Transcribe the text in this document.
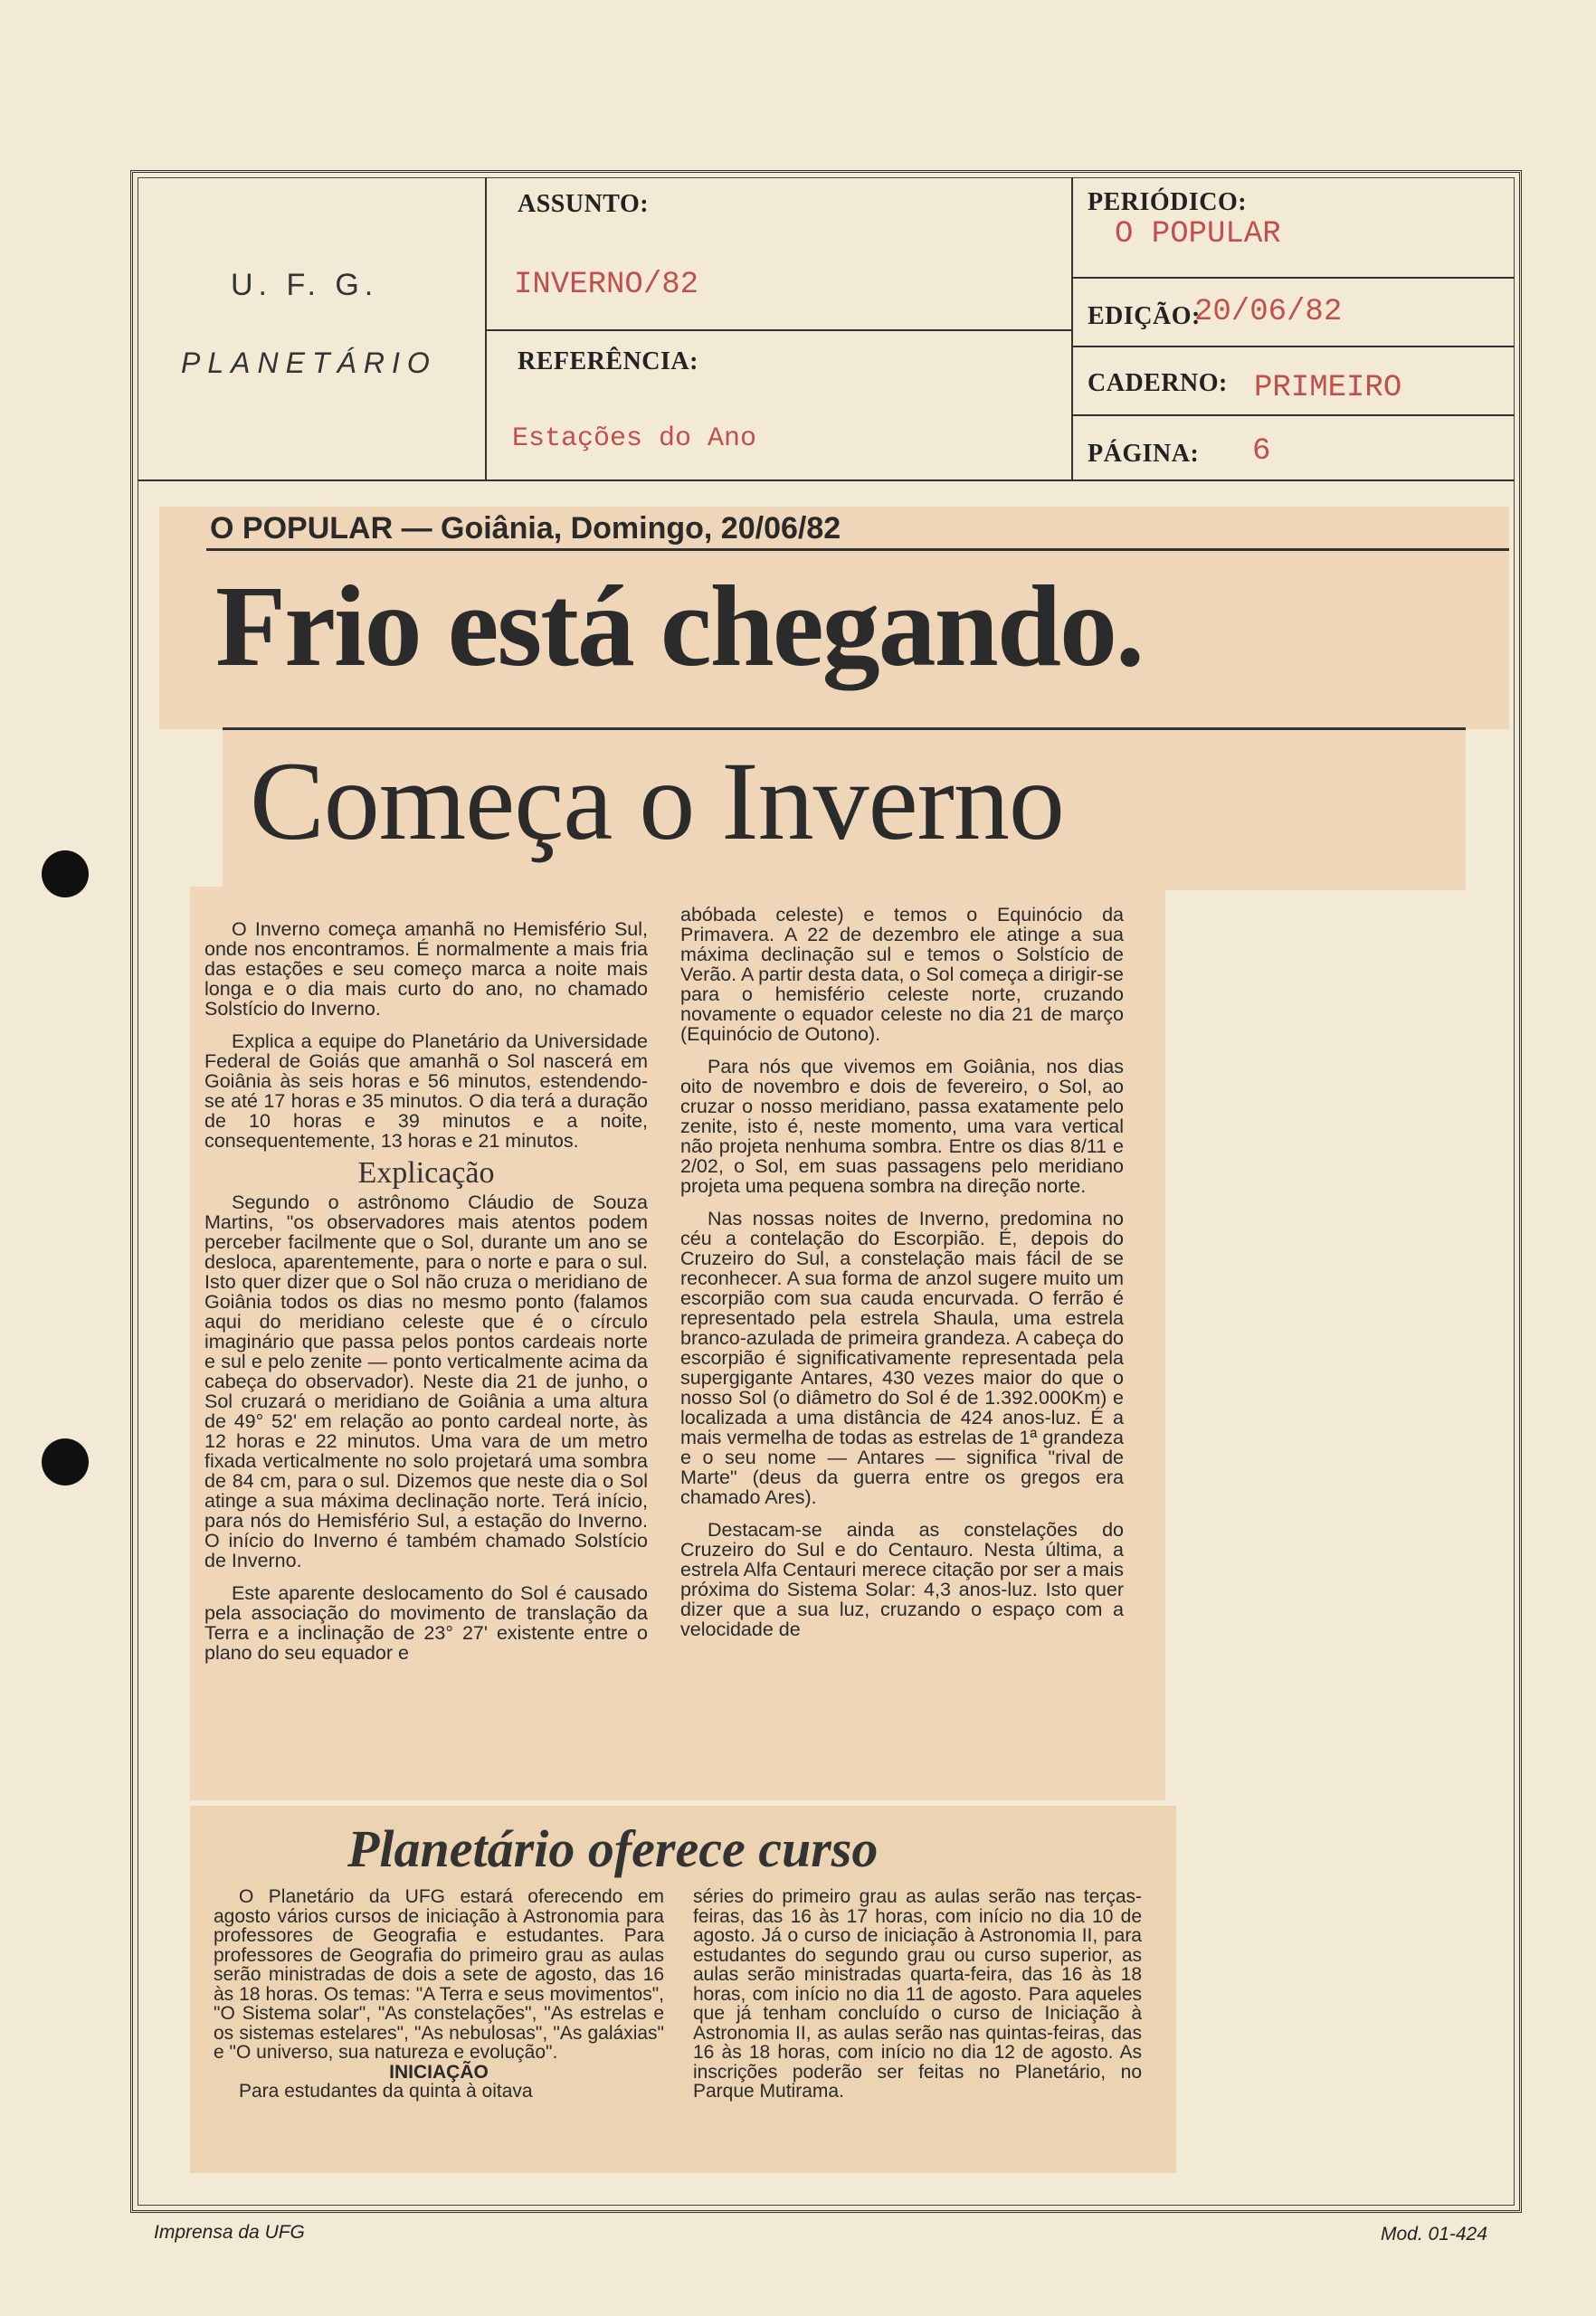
U. F. G.
PLANETÁRIO
ASSUNTO:
INVERNO/82
REFERÊNCIA:
Estações do Ano
PERIÓDICO:
O POPULAR
EDIÇÃO:
20/06/82
CADERNO: PRIMEIRO
PÁGINA: 6
O POPULAR — Goiânia, Domingo, 20/06/82
Frio está chegando.
Começa o Inverno

O Inverno começa amanhã no Hemisfério Sul, onde nos encontramos. É normalmente a mais fria das estações e seu começo marca a noite mais longa e o dia mais curto do ano, no chamado Solstício do Inverno.

Explica a equipe do Planetário da Universidade Federal de Goiás que amanhã o Sol nascerá em Goiânia às seis horas e 56 minutos, estendendo-se até 17 horas e 35 minutos. O dia terá a duração de 10 horas e 39 minutos e a noite, consequentemente, 13 horas e 21 minutos.

Explicação

Segundo o astrônomo Cláudio de Souza Martins, "os observadores mais atentos podem perceber facilmente que o Sol, durante um ano se desloca, aparentemente, para o norte e para o sul. Isto quer dizer que o Sol não cruza o meridiano de Goiânia todos os dias no mesmo ponto (falamos aqui do meridiano celeste que é o círculo imaginário que passa pelos pontos cardeais norte e sul e pelo zenite — ponto verticalmente acima da cabeça do observador). Neste dia 21 de junho, o Sol cruzará o meridiano de Goiânia a uma altura de 49° 52' em relação ao ponto cardeal norte, às 12 horas e 22 minutos. Uma vara de um metro fixada verticalmente no solo projetará uma sombra de 84 cm, para o sul. Dizemos que neste dia o Sol atinge a sua máxima declinação norte. Terá início, para nós do Hemisfério Sul, a estação do Inverno. O início do Inverno é também chamado Solstício de Inverno.

Este aparente deslocamento do Sol é causado pela associação do movimento de translação da Terra e a inclinação de 23° 27' existente entre o plano do seu equador e

abóbada celeste) e temos o Equinócio da Primavera. A 22 de dezembro ele atinge a sua máxima declinação sul e temos o Solstício de Verão. A partir desta data, o Sol começa a dirigir-se para o hemisfério celeste norte, cruzando novamente o equador celeste no dia 21 de março (Equinócio de Outono).

Para nós que vivemos em Goiânia, nos dias oito de novembro e dois de fevereiro, o Sol, ao cruzar o nosso meridiano, passa exatamente pelo zenite, isto é, neste momento, uma vara vertical não projeta nenhuma sombra. Entre os dias 8/11 e 2/02, o Sol, em suas passagens pelo meridiano projeta uma pequena sombra na direção norte.

Nas nossas noites de Inverno, predomina no céu a contelação do Escorpião. É, depois do Cruzeiro do Sul, a constelação mais fácil de se reconhecer. A sua forma de anzol sugere muito um escorpião com sua cauda encurvada. O ferrão é representado pela estrela Shaula, uma estrela branco-azulada de primeira grandeza. A cabeça do escorpião é significativamente representada pela supergigante Antares, 430 vezes maior do que o nosso Sol (o diâmetro do Sol é de 1.392.000Km) e localizada a uma distância de 424 anos-luz. É a mais vermelha de todas as estrelas de 1ª grandeza e o seu nome — Antares — significa "rival de Marte" (deus da guerra entre os gregos era chamado Ares).

Destacam-se ainda as constelações do Cruzeiro do Sul e do Centauro. Nesta última, a estrela Alfa Centauri merece citação por ser a mais próxima do Sistema Solar: 4,3 anos-luz. Isto quer dizer que a sua luz, cruzando o espaço com a velocidade de

Planetário oferece curso

O Planetário da UFG estará oferecendo em agosto vários cursos de iniciação à Astronomia para professores de Geografia e estudantes. Para professores de Geografia do primeiro grau as aulas serão ministradas de dois a sete de agosto, das 16 às 18 horas. Os temas: "A Terra e seus movimentos", "O Sistema solar", "As constelações", "As estrelas e os sistemas estelares", "As nebulosas", "As galáxias" e "O universo, sua natureza e evolução".

INICIAÇÃO

Para estudantes da quinta à oitava

séries do primeiro grau as aulas serão nas terças-feiras, das 16 às 17 horas, com início no dia 10 de agosto. Já o curso de iniciação à Astronomia II, para estudantes do segundo grau ou curso superior, as aulas serão ministradas quarta-feira, das 16 às 18 horas, com início no dia 11 de agosto. Para aqueles que já tenham concluído o curso de Iniciação à Astronomia II, as aulas serão nas quintas-feiras, das 16 às 18 horas, com início no dia 12 de agosto. As inscrições poderão ser feitas no Planetário, no Parque Mutirama.

Imprensa da UFG	Mod. 01-424
